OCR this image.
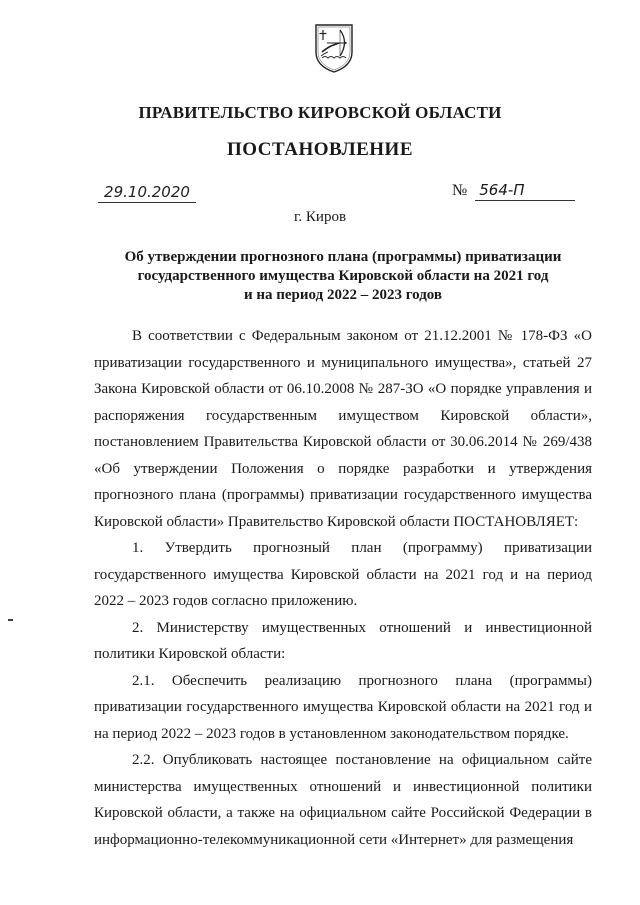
ПРАВИТЕЛЬСТВО КИРОВСКОЙ ОБЛАСТИ
ПОСТАНОВЛЕНИЕ
29.10.2020	№ 564-П
г. Киров
Об утверждении прогнозного плана (программы) приватизации
государственного имущества Кировской области на 2021 год
и на период 2022 – 2023 годов

В соответствии с Федеральным законом от 21.12.2001 № 178-ФЗ «О приватизации государственного и муниципального имущества», статьей 27 Закона Кировской области от 06.10.2008 № 287-ЗО «О порядке управления и распоряжения государственным имуществом Кировской области», постановлением Правительства Кировской области от 30.06.2014 № 269/438 «Об утверждении Положения о порядке разработки и утверждения прогнозного плана (программы) приватизации государственного имущества Кировской области» Правительство Кировской области ПОСТАНОВЛЯЕТ:

1. Утвердить прогнозный план (программу) приватизации государственного имущества Кировской области на 2021 год и на период 2022 – 2023 годов согласно приложению.

2. Министерству имущественных отношений и инвестиционной политики Кировской области:

2.1. Обеспечить реализацию прогнозного плана (программы) приватизации государственного имущества Кировской области на 2021 год и на период 2022 – 2023 годов в установленном законодательством порядке.

2.2. Опубликовать настоящее постановление на официальном сайте министерства имущественных отношений и инвестиционной политики Кировской области, а также на официальном сайте Российской Федерации в информационно-телекоммуникационной сети «Интернет» для размещения
